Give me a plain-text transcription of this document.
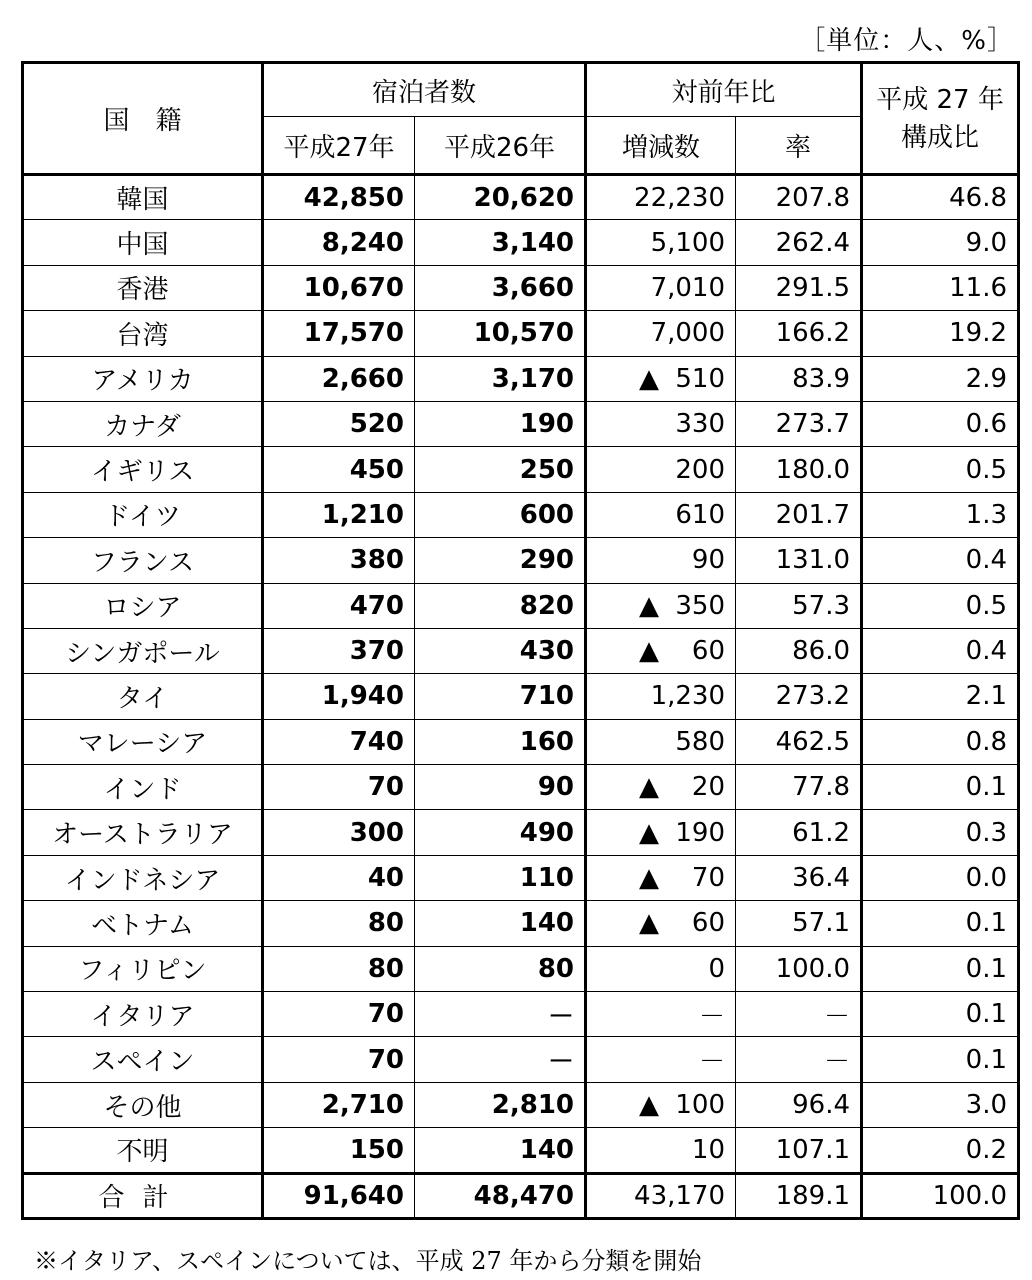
［単位：人、%］
国　籍	宿泊者数		対前年比		平成 27 年
構成比
	平成27年	平成26年	増減数	率	
韓国	42,850	20,620	22,230	207.8	46.8
中国	8,240	3,140	5,100	262.4	9.0
香港	10,670	3,660	7,010	291.5	11.6
台湾	17,570	10,570	7,000	166.2	19.2
アメリカ	2,660	3,170	▲ 510	83.9	2.9
カナダ	520	190	330	273.7	0.6
イギリス	450	250	200	180.0	0.5
ドイツ	1,210	600	610	201.7	1.3
フランス	380	290	90	131.0	0.4
ロシア	470	820	▲ 350	57.3	0.5
シンガポール	370	430	▲ 60	86.0	0.4
タイ	1,940	710	1,230	273.2	2.1
マレーシア	740	160	580	462.5	0.8
インド	70	90	▲ 20	77.8	0.1
オーストラリア	300	490	▲ 190	61.2	0.3
インドネシア	40	110	▲ 70	36.4	0.0
ベトナム	80	140	▲ 60	57.1	0.1
フィリピン	80	80	0	100.0	0.1
イタリア	70	－	－	－	0.1
スペイン	70	－	－	－	0.1
その他	2,710	2,810	▲ 100	96.4	3.0
不明	150	140	10	107.1	0.2
合計	91,640	48,470	43,170	189.1	100.0
※イタリア、スペインについては、平成 27 年から分類を開始
